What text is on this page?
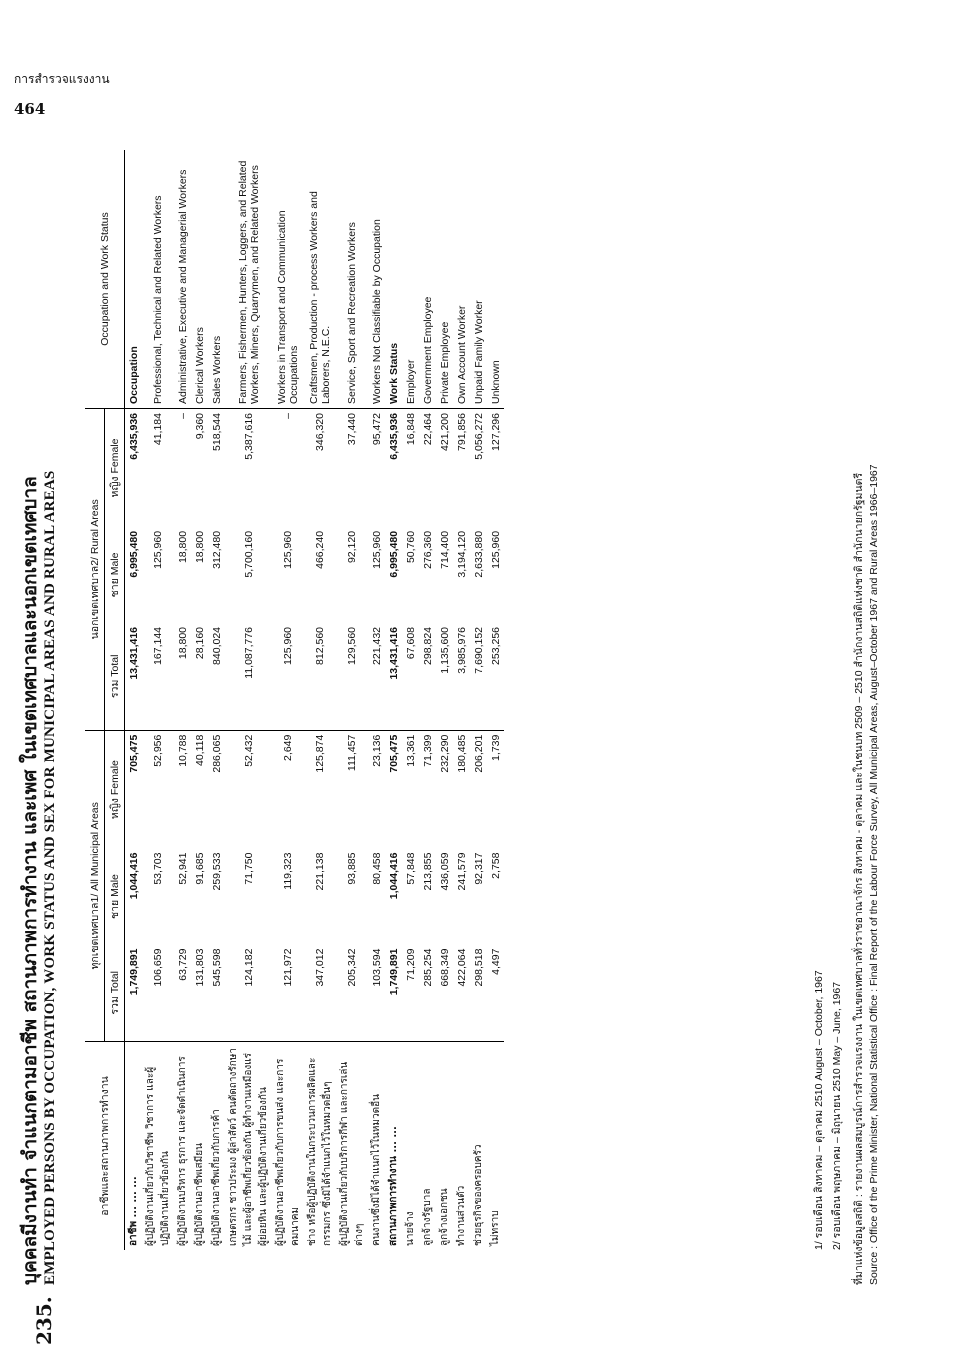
การสำรวจแรงงาน
464
235.
บุคคลมีงานทำ จำแนกตามอาชีพ สถานภาพการทำงาน และเพศ ในเขตเทศบาลและนอกเขตเทศบาล EMPLOYED PERSONS BY OCCUPATION, WORK STATUS AND SEX FOR MUNICIPAL AREAS AND RURAL AREAS	อาชีพและสถานภาพการทำงาน	ทุกเขตเทศบาล1/ All Municipal Areas			นอกเขตเทศบาล2/ Rural Areas			Occupation and Work Status
	รวม Total	ชาย Male	หญิง Female	รวม Total	ชาย Male	หญิง Female	
อาชีพ ... ... ...	1,749,891	1,044,416	705,475	13,431,416	6,995,480	6,435,936	Occupation
ผู้ปฏิบัติงานเกี่ยวกับวิชาชีพ วิชาการ และผู้ปฏิบัติงานเกี่ยวข้องกัน	106,659	53,703	52,956	167,144	125,960	41,184	Professional, Technical and Related Workers
ผู้ปฏิบัติงานบริหาร ธุรการ และจัดดำเนินการ	63,729	52,941	10,788	18,800	18,800	–	Administrative, Executive and Managerial Workers
ผู้ปฏิบัติงานอาชีพเสมียน	131,803	91,685	40,118	28,160	18,800	9,360	Clerical Workers
ผู้ปฏิบัติงานอาชีพเกี่ยวกับการค้า	545,598	259,533	286,065	840,024	312,480	518,544	Sales Workers
เกษตรกร ชาวประมง ผู้ล่าสัตว์ คนตัดถางรักษาไม้ และผู้อาชีพเกี่ยวข้องกัน ผู้ทำงานเหมืองแร่ ผู้ย่อยหิน และผู้ปฏิบัติงานเกี่ยวข้องกัน	124,182	71,750	52,432	11,087,776	5,700,160	5,387,616	Farmers, Fishermen, Hunters, Loggers, and Related Workers, Miners, Quarrymen, and Related Workers
ผู้ปฏิบัติงานอาชีพเกี่ยวกับการขนส่ง และการคมนาคม	121,972	119,323	2,649	125,960	125,960	–	Workers in Transport and Communication Occupations
ช่าง หรือผู้ปฏิบัติงานในกระบวนการผลิตและกรรมกร ซึ่งมิได้จำแนกไว้ในหมวดอื่นๆ	347,012	221,138	125,874	812,560	466,240	346,320	Craftsmen, Production - process Workers and Laborers, N.E.C.
ผู้ปฏิบัติงานเกี่ยวกับบริการกีฬา และการเล่นต่างๆ	205,342	93,885	111,457	129,560	92,120	37,440	Service, Sport and Recreation Workers
คนงานซึ่งมิได้จำแนกไว้ในหมวดอื่น	103,594	80,458	23,136	221,432	125,960	95,472	Workers Not Classifiable by Occupation
สถานภาพการทำงาน ... ...	1,749,891	1,044,416	705,475	13,431,416	6,995,480	6,435,936	Work Status
นายจ้าง	71,209	57,848	13,361	67,608	50,760	16,848	Employer
ลูกจ้างรัฐบาล	285,254	213,855	71,399	298,824	276,360	22,464	Government Employee
ลูกจ้างเอกชน	668,349	436,059	232,290	1,135,600	714,400	421,200	Private Employee
ทำงานส่วนตัว	422,064	241,579	180,485	3,985,976	3,194,120	791,856	Own Account Worker
ช่วยธุรกิจของครอบครัว	298,518	92,317	206,201	7,690,152	2,633,880	5,056,272	Unpaid Family Worker
ไม่ทราบ	4,497	2,758	1,739	253,256	125,960	127,296	Unknown
1/ รอบเดือน สิงหาคม – ตุลาคม 2510 August – October, 1967 2/ รอบเดือน พฤษภาคม – มิถุนายน 2510 May – June, 1967 ที่มาแห่งข้อมูลสถิติ : รายงานผลสมบูรณ์การสำรวจแรงงาน ในเขตเทศบาลทั่วราชอาณาจักร สิงหาคม - ตุลาคม และในชนบท 2509 – 2510 สำนักงานสถิติแห่งชาติ สำนักนายกรัฐมนตรี Source : Office of the Prime Minister, National Statistical Office : Final Report of the Labour Force Survey, All Municipal Areas, August–October 1967 and Rural Areas 1966–1967
